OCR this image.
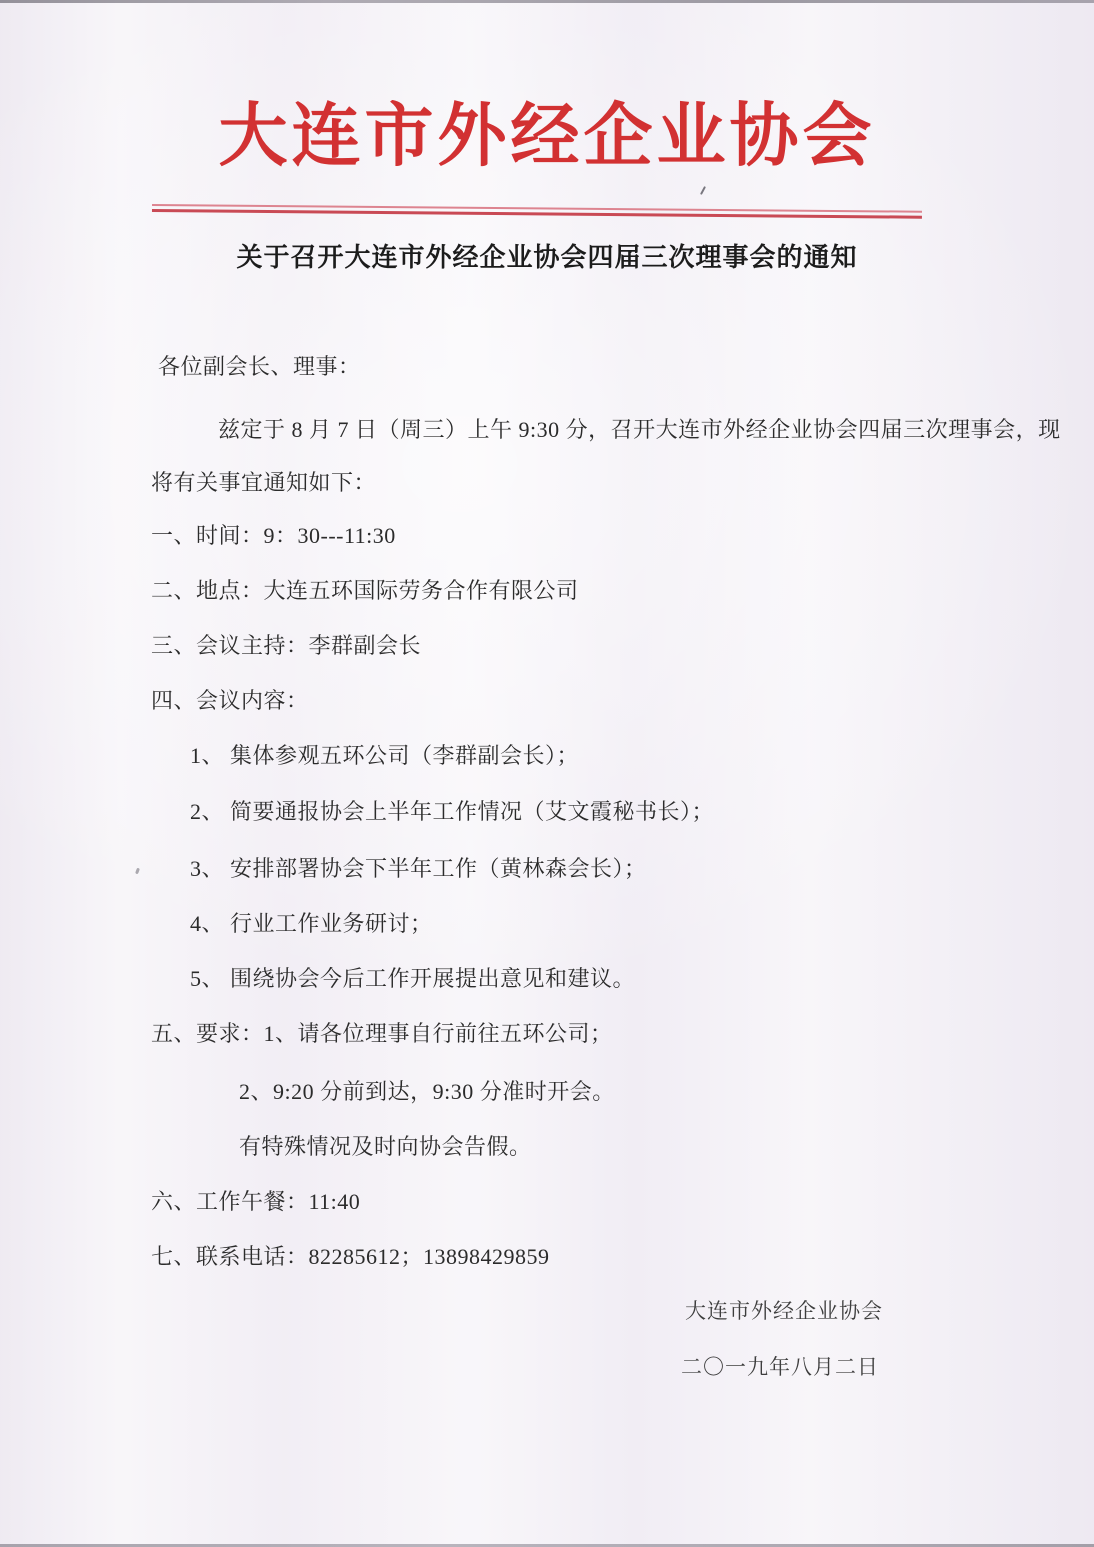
大连市外经企业协会
关于召开大连市外经企业协会四届三次理事会的通知
各位副会长、理事：
兹定于 8 月 7 日（周三）上午 9:30 分，召开大连市外经企业协会四届三次理事会，现
将有关事宜通知如下：
一、时间：9：30---11:30
二、地点：大连五环国际劳务合作有限公司
三、会议主持：李群副会长
四、会议内容：
1、 集体参观五环公司（李群副会长）；
2、 简要通报协会上半年工作情况（艾文霞秘书长）；
3、 安排部署协会下半年工作（黄林森会长）；
4、 行业工作业务研讨；
5、 围绕协会今后工作开展提出意见和建议。
五、要求：1、请各位理事自行前往五环公司；
2、9:20 分前到达，9:30 分准时开会。
有特殊情况及时向协会告假。
六、工作午餐：11:40
七、联系电话：82285612；13898429859
大连市外经企业协会
二〇一九年八月二日
